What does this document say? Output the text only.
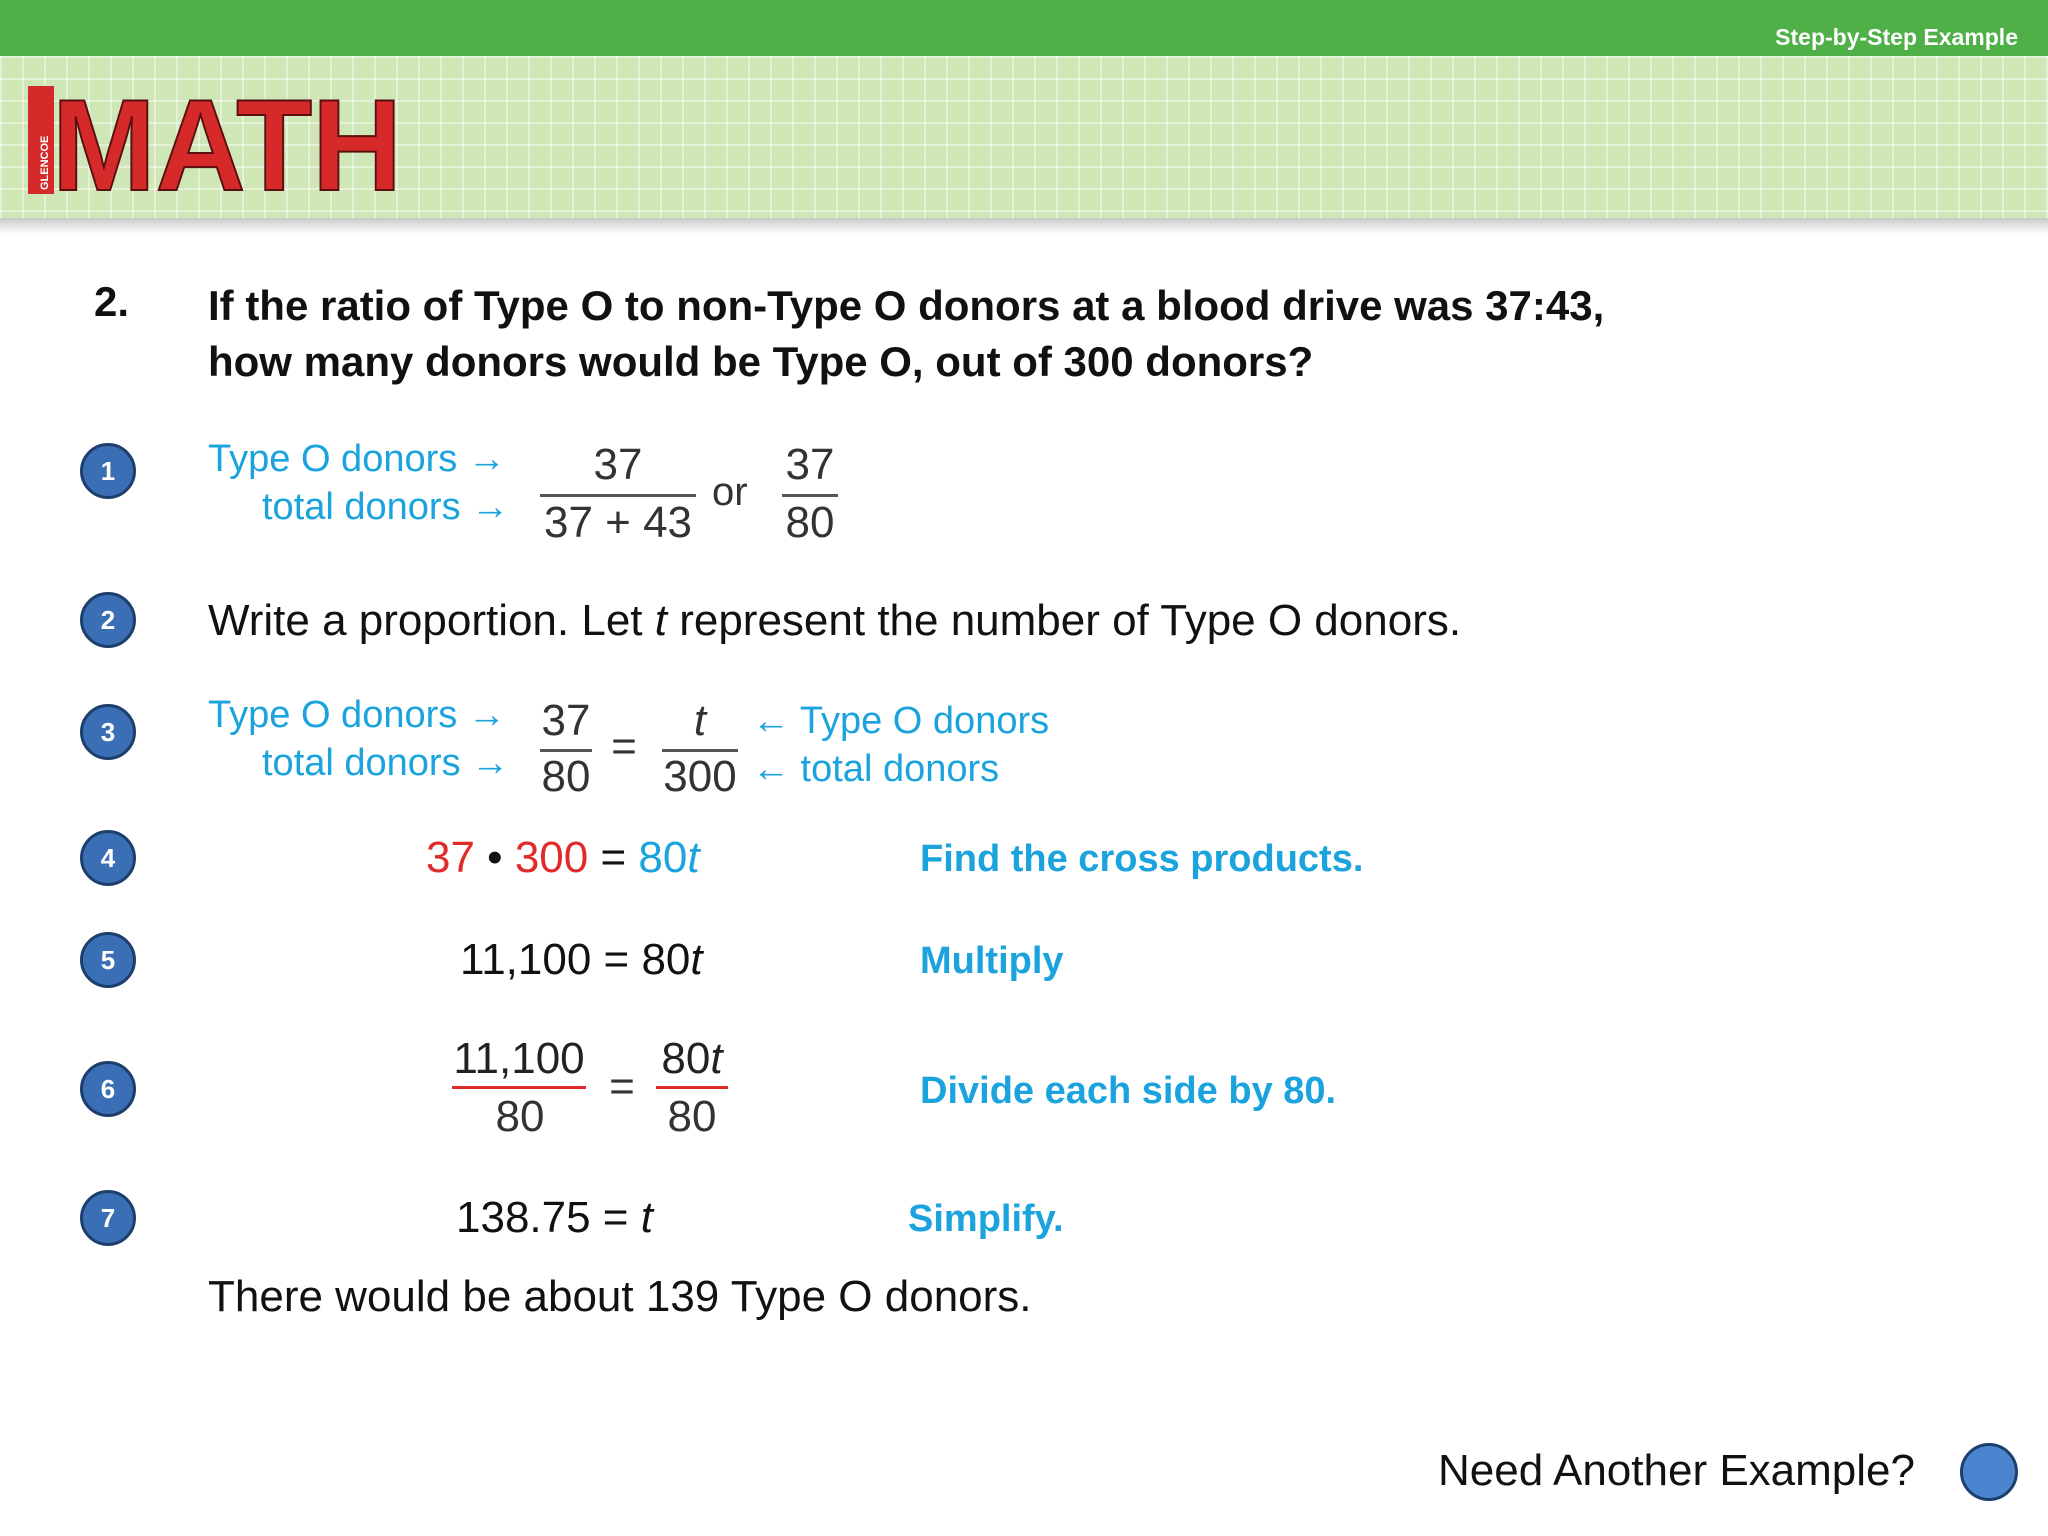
Step-by-Step Example
GLENCOE MATH
2. If the ratio of Type O to non-Type O donors at a blood drive was 37:43, how many donors would be Type O, out of 300 donors?
1	Type O donors →
total donors →
37
37 + 43
or
37
80
2	Write a proportion. Let t represent the number of Type O donors.
3	Type O donors →
total donors →
37
80
=
t
300
← Type O donors
← total donors
4	37 • 300 = 80t	Find the cross products.
5	11,100 = 80t	Multiply
6
11,100
80
=
80t
80
Divide each side by 80.
7	138.75 = t	Simplify.
There would be about 139 Type O donors.
Need Another Example?
